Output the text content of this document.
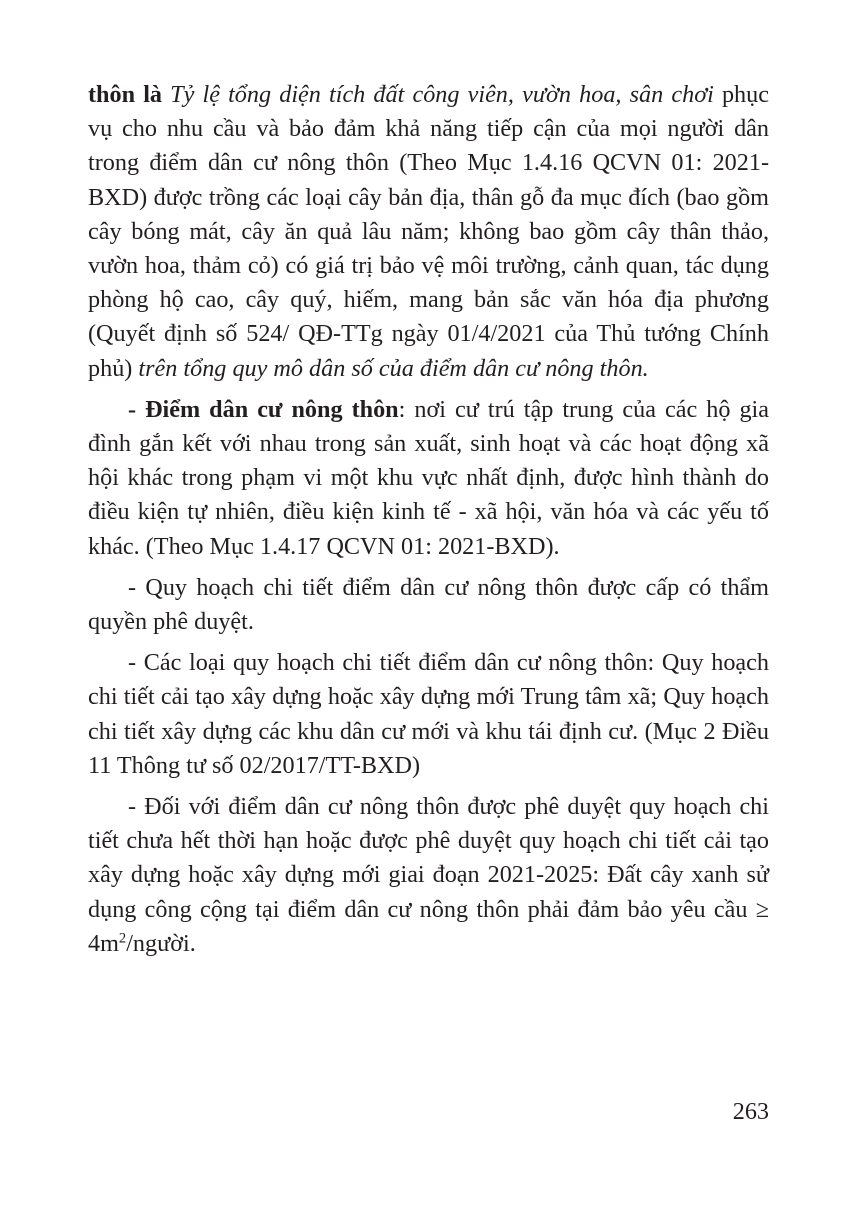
thôn là Tỷ lệ tổng diện tích đất công viên, vườn hoa, sân chơi phục vụ cho nhu cầu và bảo đảm khả năng tiếp cận của mọi người dân trong điểm dân cư nông thôn (Theo Mục 1.4.16 QCVN 01: 2021-BXD) được trồng các loại cây bản địa, thân gỗ đa mục đích (bao gồm cây bóng mát, cây ăn quả lâu năm; không bao gồm cây thân thảo, vườn hoa, thảm cỏ) có giá trị bảo vệ môi trường, cảnh quan, tác dụng phòng hộ cao, cây quý, hiếm, mang bản sắc văn hóa địa phương (Quyết định số 524/ QĐ-TTg ngày 01/4/2021 của Thủ tướng Chính phủ) trên tổng quy mô dân số của điểm dân cư nông thôn.

- Điểm dân cư nông thôn: nơi cư trú tập trung của các hộ gia đình gắn kết với nhau trong sản xuất, sinh hoạt và các hoạt động xã hội khác trong phạm vi một khu vực nhất định, được hình thành do điều kiện tự nhiên, điều kiện kinh tế - xã hội, văn hóa và các yếu tố khác. (Theo Mục 1.4.17 QCVN 01: 2021-BXD).

- Quy hoạch chi tiết điểm dân cư nông thôn được cấp có thẩm quyền phê duyệt.

- Các loại quy hoạch chi tiết điểm dân cư nông thôn: Quy hoạch chi tiết cải tạo xây dựng hoặc xây dựng mới Trung tâm xã; Quy hoạch chi tiết xây dựng các khu dân cư mới và khu tái định cư. (Mục 2 Điều 11 Thông tư số 02/2017/TT-BXD)

- Đối với điểm dân cư nông thôn được phê duyệt quy hoạch chi tiết chưa hết thời hạn hoặc được phê duyệt quy hoạch chi tiết cải tạo xây dựng hoặc xây dựng mới giai đoạn 2021-2025: Đất cây xanh sử dụng công cộng tại điểm dân cư nông thôn phải đảm bảo yêu cầu ≥ $4m^2$/người.

263
